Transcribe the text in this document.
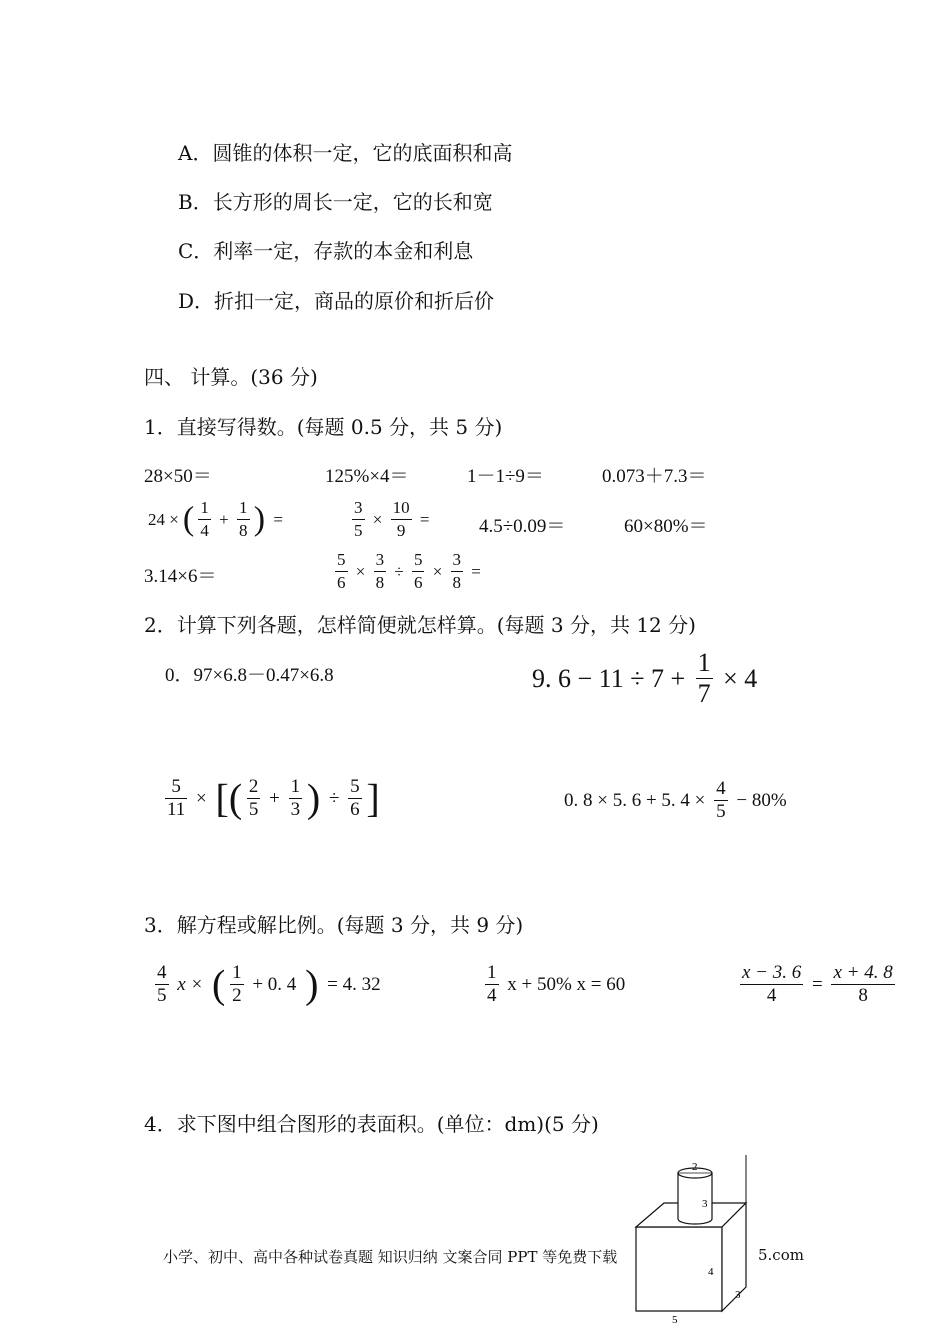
A．圆锥的体积一定，它的底面积和高
B．长方形的周长一定，它的长和宽
C．利率一定，存款的本金和利息
D．折扣一定，商品的原价和折后价
四、 计算。(36 分)
1．直接写得数。(每题 0.5 分，共 5 分)
28×50＝	125%×4＝	1－1÷9＝	0.073＋7.3＝
24 × ( $\frac{1}{4} + \frac{1}{8}$ ) =	$\frac{3}{5} \times \frac{10}{9}$ =	4.5÷0.09＝	60×80%＝
3.14×6＝	$\frac{5}{6} \times \frac{3}{8} \div \frac{5}{6} \times \frac{3}{8}$ =
2．计算下列各题，怎样简便就怎样算。(每题 3 分，共 12 分)
0．97×6.8－0.47×6.8	9. $6 - 11 \div 7 + \frac{1}{7} \times 4$
$\frac{5}{11}$ × [( $\frac{2}{5} + \frac{1}{3}$ ) ÷ $\frac{5}{6}$ ]	0. 8 × 5. 6 + 5. $4 \times \frac{4}{5} - 80\%$
3．解方程或解比例。(每题 3 分，共 9 分)
$\frac{4}{5}$ x × ( $\frac{1}{2} + 0$. 4 ) = 4. 32	$\frac{1}{4}$ x + 50% x = 60	$\frac{x - 3. 6}{4} = \frac{x + 4. 8}{8}$
4．求下图中组合图形的表面积。(单位：dm)(5 分)
小学、初中、高中各种试卷真题 知识归纳 文案合同 PPT 等免费下载	5.com
2
3
4
3
5
